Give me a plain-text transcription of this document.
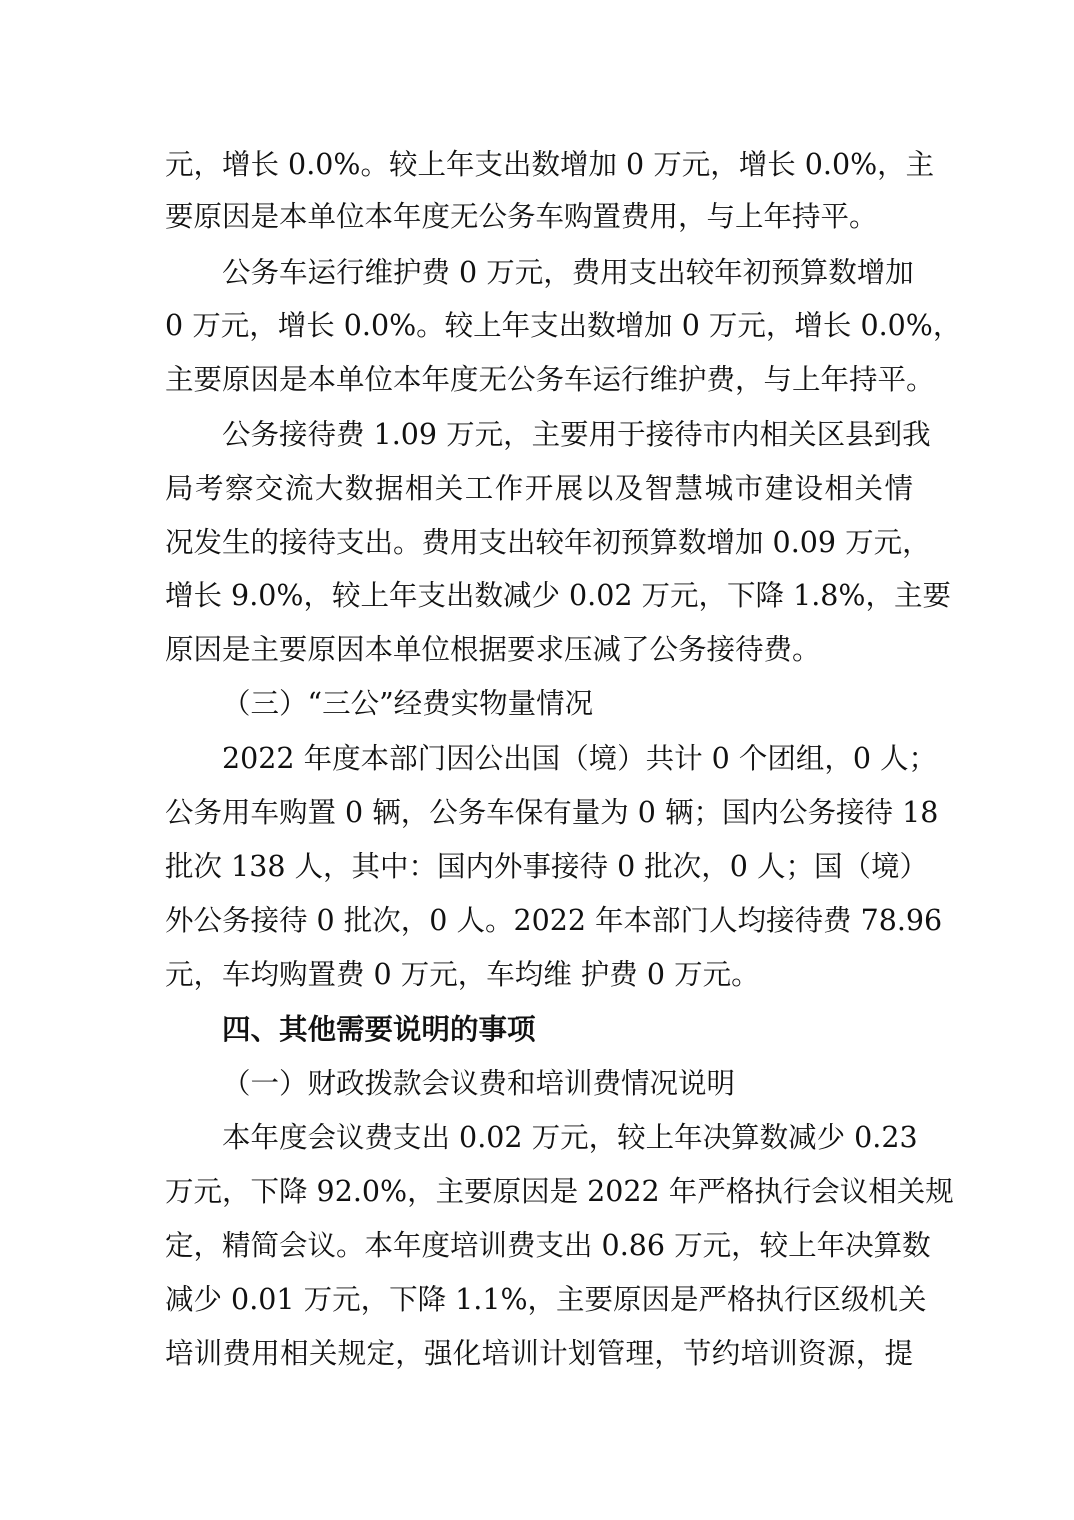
元，增长 0.0%。较上年支出数增加 0 万元，增长 0.0%，主
要原因是本单位本年度无公务车购置费用，与上年持平。
公务车运行维护费 0 万元，费用支出较年初预算数增加
0 万元，增长 0.0%。较上年支出数增加 0 万元，增长 0.0%，
主要原因是本单位本年度无公务车运行维护费，与上年持平。
公务接待费 1.09 万元，主要用于接待市内相关区县到我
局考察交流大数据相关工作开展以及智慧城市建设相关情
况发生的接待支出。费用支出较年初预算数增加 0.09 万元，
增长 9.0%，较上年支出数减少 0.02 万元，下降 1.8%，主要
原因是主要原因本单位根据要求压减了公务接待费。
（三）“三公”经费实物量情况
2022 年度本部门因公出国（境）共计 0 个团组，0 人；
公务用车购置 0 辆，公务车保有量为 0 辆；国内公务接待 18
批次 138 人，其中：国内外事接待 0 批次，0 人；国（境）
外公务接待 0 批次，0 人。2022 年本部门人均接待费 78.96
元，车均购置费 0 万元，车均维 护费 0 万元。
四、其他需要说明的事项
（一）财政拨款会议费和培训费情况说明
本年度会议费支出 0.02 万元，较上年决算数减少 0.23
万元，下降 92.0%，主要原因是 2022 年严格执行会议相关规
定，精简会议。本年度培训费支出 0.86 万元，较上年决算数
减少 0.01 万元，下降 1.1%，主要原因是严格执行区级机关
培训费用相关规定，强化培训计划管理，节约培训资源，提
